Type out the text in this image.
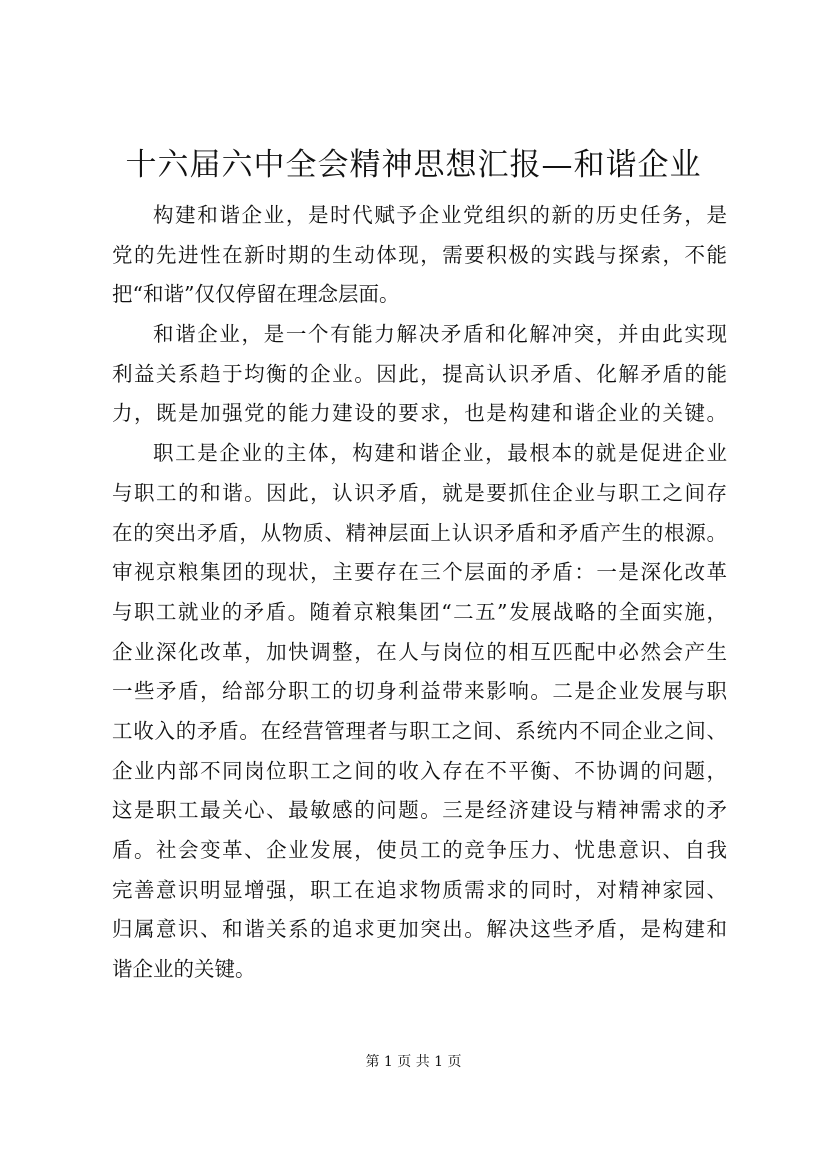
十六届六中全会精神思想汇报—和谐企业
构建和谐企业，是时代赋予企业党组织的新的历史任务，是
党的先进性在新时期的生动体现，需要积极的实践与探索，不能
把“和谐”仅仅停留在理念层面。
和谐企业，是一个有能力解决矛盾和化解冲突，并由此实现
利益关系趋于均衡的企业。因此，提高认识矛盾、化解矛盾的能
力，既是加强党的能力建设的要求，也是构建和谐企业的关键。
职工是企业的主体，构建和谐企业，最根本的就是促进企业
与职工的和谐。因此，认识矛盾，就是要抓住企业与职工之间存
在的突出矛盾，从物质、精神层面上认识矛盾和矛盾产生的根源。
审视京粮集团的现状，主要存在三个层面的矛盾：一是深化改革
与职工就业的矛盾。随着京粮集团“二五”发展战略的全面实施，
企业深化改革，加快调整，在人与岗位的相互匹配中必然会产生
一些矛盾，给部分职工的切身利益带来影响。二是企业发展与职
工收入的矛盾。在经营管理者与职工之间、系统内不同企业之间、
企业内部不同岗位职工之间的收入存在不平衡、不协调的问题，
这是职工最关心、最敏感的问题。三是经济建设与精神需求的矛
盾。社会变革、企业发展，使员工的竞争压力、忧患意识、自我
完善意识明显增强，职工在追求物质需求的同时，对精神家园、
归属意识、和谐关系的追求更加突出。解决这些矛盾，是构建和
谐企业的关键。
第 1 页 共 1 页
